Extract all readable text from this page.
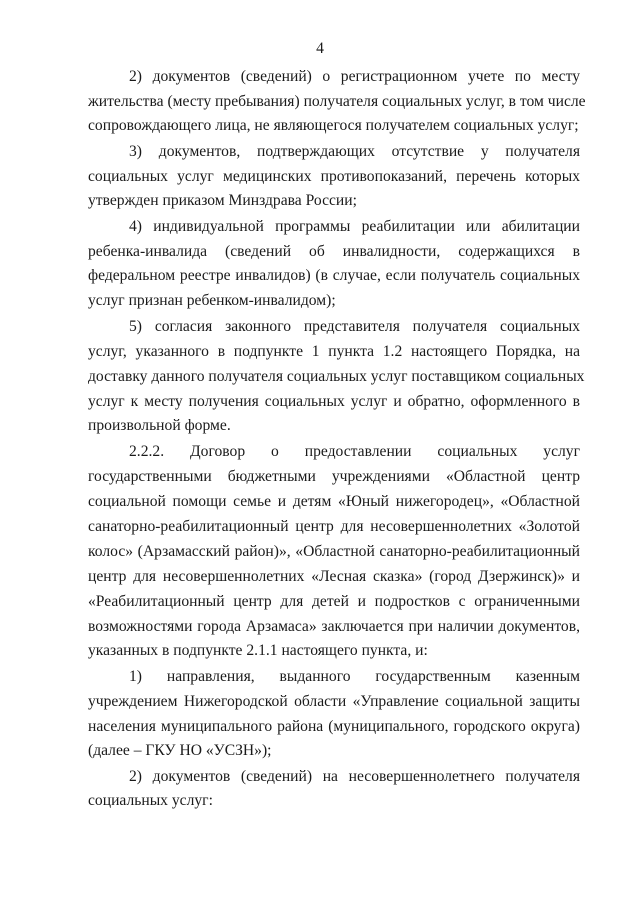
4
2) документов (сведений) о регистрационном учете по месту
жительства (месту пребывания) получателя социальных услуг, в том числе
сопровождающего лица, не являющегося получателем социальных услуг;
3) документов, подтверждающих отсутствие у получателя
социальных услуг медицинских противопоказаний, перечень которых
утвержден приказом Минздрава России;
4) индивидуальной программы реабилитации или абилитации
ребенка-инвалида (сведений об инвалидности, содержащихся в
федеральном реестре инвалидов) (в случае, если получатель социальных
услуг признан ребенком-инвалидом);
5) согласия законного представителя получателя социальных
услуг, указанного в подпункте 1 пункта 1.2 настоящего Порядка, на
доставку данного получателя социальных услуг поставщиком социальных
услуг к месту получения социальных услуг и обратно, оформленного в
произвольной форме.
2.2.2. Договор о предоставлении социальных услуг
государственными бюджетными учреждениями «Областной центр
социальной помощи семье и детям «Юный нижегородец», «Областной
санаторно-реабилитационный центр для несовершеннолетних «Золотой
колос» (Арзамасский район)», «Областной санаторно-реабилитационный
центр для несовершеннолетних «Лесная сказка» (город Дзержинск)» и
«Реабилитационный центр для детей и подростков с ограниченными
возможностями города Арзамаса» заключается при наличии документов,
указанных в подпункте 2.1.1 настоящего пункта, и:
1) направления, выданного государственным казенным
учреждением Нижегородской области «Управление социальной защиты
населения муниципального района (муниципального, городского округа)
(далее – ГКУ НО «УСЗН»);
2) документов (сведений) на несовершеннолетнего получателя
социальных услуг:
